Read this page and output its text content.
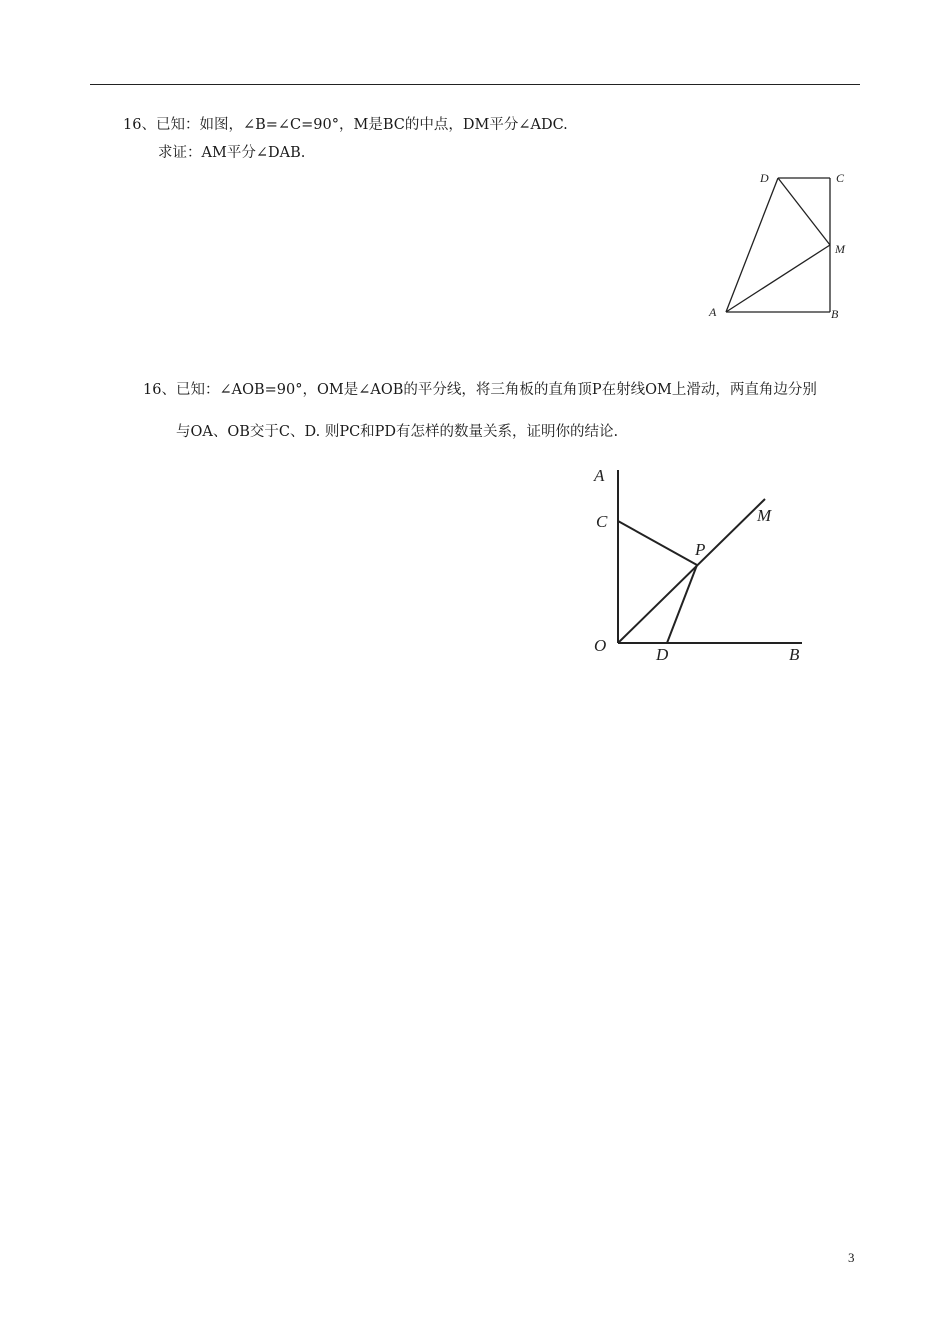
16、已知：如图，∠B=∠C=90°，M是BC的中点，DM平分∠ADC.
求证：AM平分∠DAB.
D	C
M
A	B
16、已知：∠AOB=90°，OM是∠AOB的平分线，将三角板的直角顶P在射线OM上滑动，两直角边分别
与OA、OB交于C、D. 则PC和PD有怎样的数量关系，证明你的结论.
A
C
P
M
O	D	B
3
